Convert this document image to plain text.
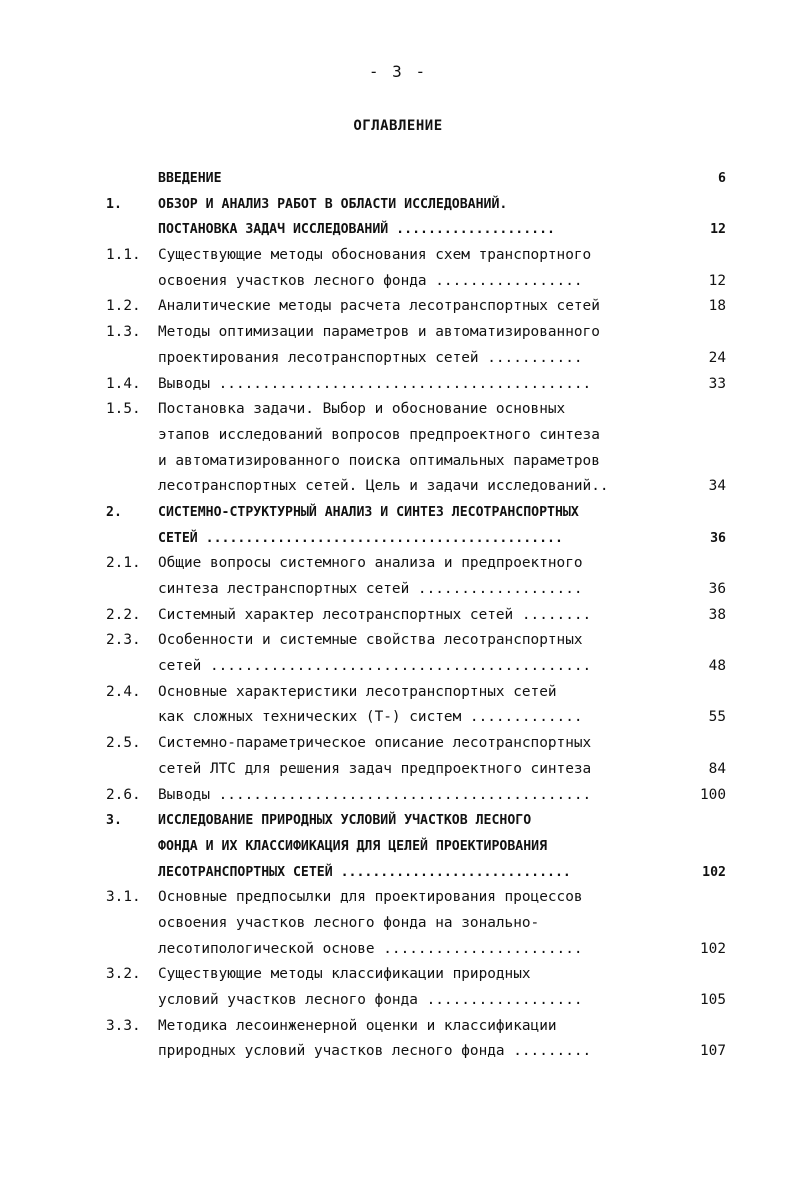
- 3 -
ОГЛАВЛЕНИЕ
ВВЕДЕНИЕ	6
1.	ОБЗОР И АНАЛИЗ РАБОТ В ОБЛАСТИ ИССЛЕДОВАНИЙ.
ПОСТАНОВКА ЗАДАЧ ИССЛЕДОВАНИЙ ....................	12
1.1.	Существующие методы обоснования схем транспортного
освоения участков лесного фонда .................	12
1.2.	Аналитические методы расчета лесотранспортных сетей	18
1.3.	Методы оптимизации параметров и автоматизированного
проектирования лесотранспортных сетей ...........	24
1.4.	Выводы ...........................................	33
1.5.	Постановка задачи. Выбор и обоснование основных
этапов исследований вопросов предпроектного синтеза
и автоматизированного поиска оптимальных параметров
лесотранспортных сетей. Цель и задачи исследований..	34
2.	СИСТЕМНО-СТРУКТУРНЫЙ АНАЛИЗ И СИНТЕЗ ЛЕСОТРАНСПОРТНЫХ
СЕТЕЙ .............................................	36
2.1.	Общие вопросы системного анализа и предпроектного
синтеза лестранспортных сетей ...................	36
2.2.	Системный характер лесотранспортных сетей ........	38
2.3.	Особенности и системные свойства лесотранспортных
сетей ............................................	48
2.4.	Основные характеристики лесотранспортных сетей
как сложных технических (Т-) систем .............	55
2.5.	Системно-параметрическое описание лесотранспортных
сетей ЛТС для решения задач предпроектного синтеза	84
2.6.	Выводы ...........................................	100
3.	ИССЛЕДОВАНИЕ ПРИРОДНЫХ УСЛОВИЙ УЧАСТКОВ ЛЕСНОГО
ФОНДА И ИХ КЛАССИФИКАЦИЯ ДЛЯ ЦЕЛЕЙ ПРОЕКТИРОВАНИЯ
ЛЕСОТРАНСПОРТНЫХ СЕТЕЙ .............................	102
3.1.	Основные предпосылки для проектирования процессов
освоения участков лесного фонда на зонально-
лесотипологической основе .......................	102
3.2.	Существующие методы классификации природных
условий участков лесного фонда ..................	105
3.3.	Методика лесоинженерной оценки и классификации
природных условий участков лесного фонда .........	107
